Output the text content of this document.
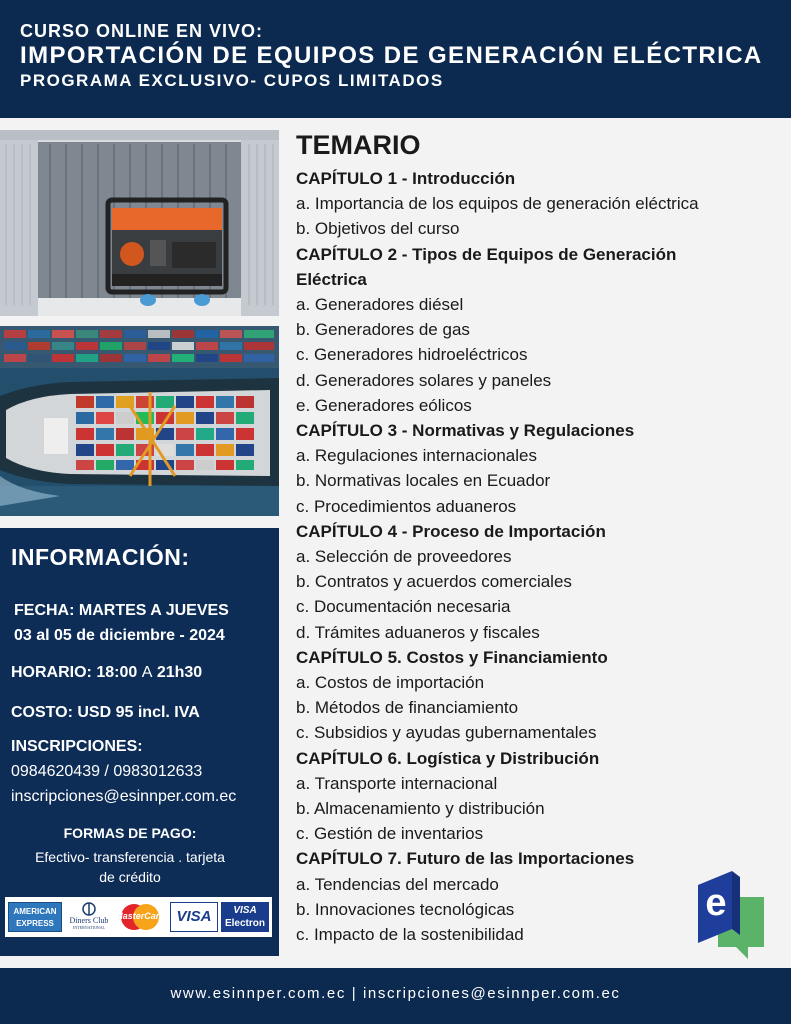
CURSO ONLINE EN VIVO:
IMPORTACIÓN DE EQUIPOS DE GENERACIÓN ELÉCTRICA
PROGRAMA EXCLUSIVO- CUPOS LIMITADOS
INFORMACIÓN:
FECHA: MARTES A JUEVES
03 al 05 de diciembre - 2024
HORARIO: 18:00 A 21h30
COSTO: USD 95 incl. IVA
INSCRIPCIONES:
0984620439 / 0983012633
inscripciones@esinnper.com.ec
FORMAS DE PAGO:
Efectivo- transferencia . tarjeta
de crédito
AMERICAN
EXPRESS	Diners Club
INTERNATIONAL
MasterCard VISA	VISA
Electron
TEMARIO
CAPÍTULO 1 - Introducción
a. Importancia de los equipos de generación eléctrica
b. Objetivos del curso
CAPÍTULO 2 - Tipos de Equipos de Generación
Eléctrica
a. Generadores diésel
b. Generadores de gas
c. Generadores hidroeléctricos
d. Generadores solares y paneles
e. Generadores eólicos
CAPÍTULO 3 - Normativas y Regulaciones
a. Regulaciones internacionales
b. Normativas locales en Ecuador
c. Procedimientos aduaneros
CAPÍTULO 4 - Proceso de Importación
a. Selección de proveedores
b. Contratos y acuerdos comerciales
c. Documentación necesaria
d. Trámites aduaneros y fiscales
CAPÍTULO 5. Costos y Financiamiento
a. Costos de importación
b. Métodos de financiamiento
c. Subsidios y ayudas gubernamentales
CAPÍTULO 6. Logística y Distribución
a. Transporte internacional
b. Almacenamiento y distribución
c. Gestión de inventarios
CAPÍTULO 7. Futuro de las Importaciones
a. Tendencias del mercado
b. Innovaciones tecnológicas
c. Impacto de la sostenibilidad
e
www.esinnper.com.ec | inscripciones@esinnper.com.ec
